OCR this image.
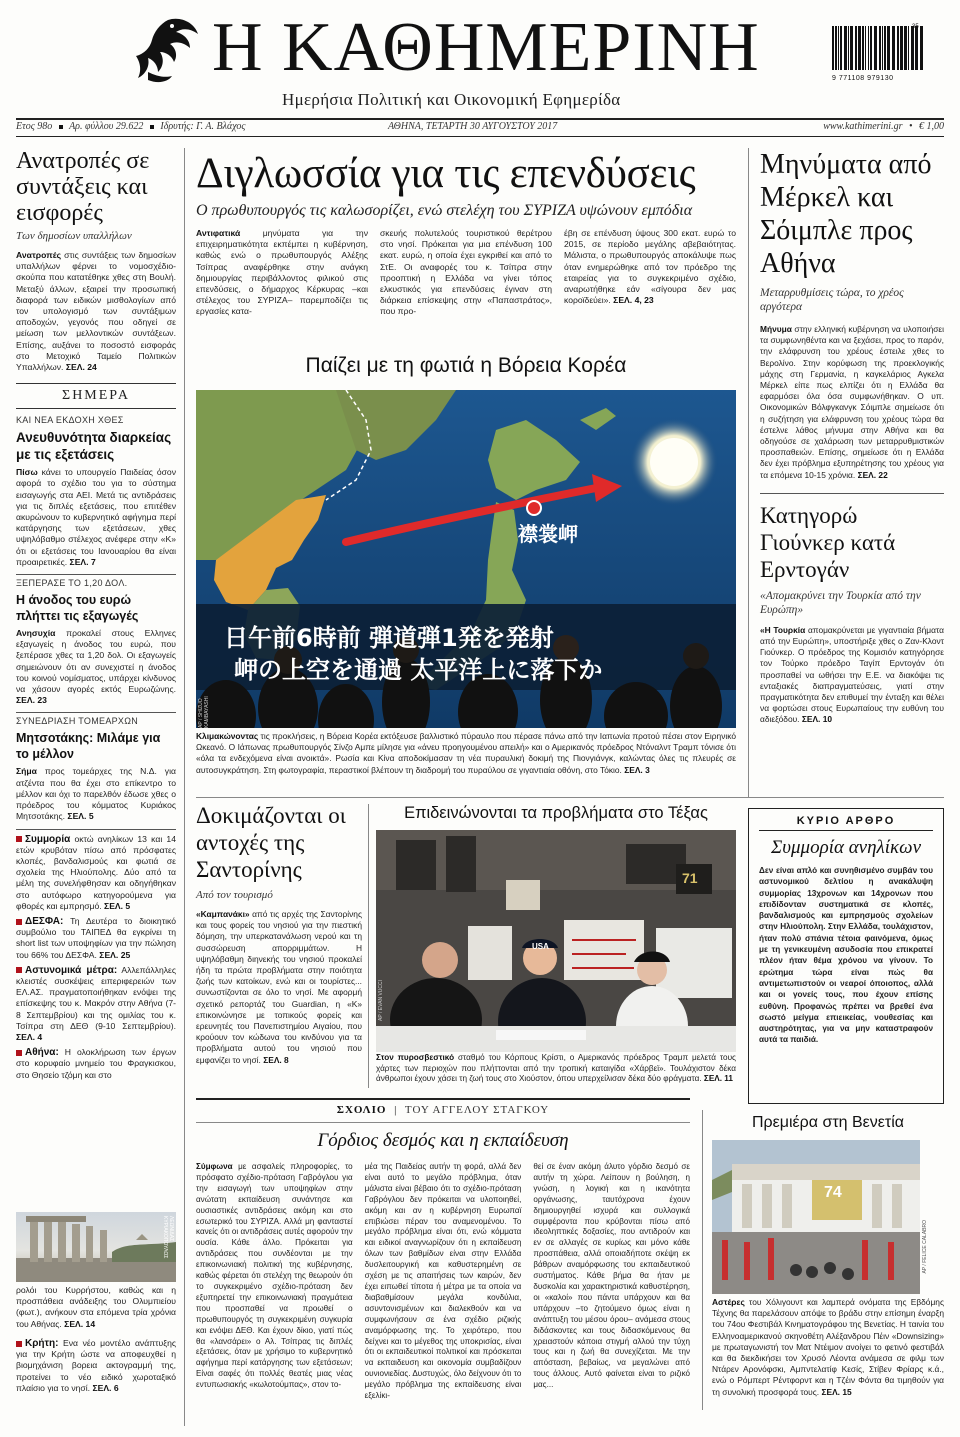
Η ΚΑΘΗΜΕΡΙΝΗ
Ημερήσια Πολιτική και Οικονομική Εφημερίδα
9 771108 979130
35
Ετος 98ο Αρ. φύλλου 29.622 Ιδρυτής: Γ. Α. Βλάχος	ΑΘΗΝΑ, ΤΕΤΑΡΤΗ 30 ΑΥΓΟΥΣΤΟΥ 2017	www.kathimerini.gr • € 1,00
Ανατροπές σε συντάξεις και εισφορές
Των δημοσίων υπαλλήλων
Ανατροπές στις συντάξεις των δημοσίων υπαλλήλων φέρνει το νομοσχέδιο-σκούπα που κατατέθηκε χθες στη Βουλή. Μεταξύ άλλων, εξαιρεί την προσωπική διαφορά των ειδικών μισθολογίων από τον υπολογισμό των συντάξιμων αποδοχών, γεγονός που οδηγεί σε μείωση των μελλοντικών συντάξεων. Επίσης, αυξάνει το ποσοστό εισφοράς στο Μετοχικό Ταμείο Πολιτικών Υπαλλήλων. ΣΕΛ. 24
ΣΗΜΕΡΑ
ΚΑΙ ΝΕΑ ΕΚΔΟΧΗ ΧΘΕΣ
Ανευθυνότητα διαρκείας με τις εξετάσεις
Πίσω κάνει το υπουργείο Παιδείας όσον αφορά το σχέδιο του για το σύστημα εισαγωγής στα ΑΕΙ. Μετά τις αντιδράσεις για τις διπλές εξετάσεις, που επιτέθεν ακυρώνουν το κυβερνητικό αφήγημα περί κατάργησης των εξετάσεων, χθες υψηλόβαθμο στέλεχος ανέφερε στην «Κ» ότι οι εξετάσεις του Ιανουαρίου θα είναι προαιρετικές. ΣΕΛ. 7
ΞΕΠΕΡΑΣΕ ΤΟ 1,20 ΔΟΛ.
Η άνοδος του ευρώ πλήττει τις εξαγωγές
Ανησυχία προκαλεί στους Ελληνες εξαγωγείς η άνοδος του ευρώ, που ξεπέρασε χθες τα 1,20 δολ. Οι εξαγωγείς σημειώνουν ότι αν συνεχιστεί η άνοδος του κοινού νομίσματος, υπάρχει κίνδυνος να χάσουν αγορές εκτός Ευρωζώνης. ΣΕΛ. 23
ΣΥΝΕΔΡΙΑΣΗ ΤΟΜΕΑΡΧΩΝ
Μητσοτάκης: Μιλάμε για το μέλλον
Σήμα προς τομεάρχες της Ν.Δ. για ατζέντα που θα έχει στο επίκεντρο το μέλλον και όχι το παρελθόν έδωσε χθες ο πρόεδρος του κόμματος Κυριάκος Μητσοτάκης. ΣΕΛ. 5
Συμμορία οκτώ ανηλίκων 13 και 14 ετών κρυβόταν πίσω από πρόσφατες κλοπές, βανδαλισμούς και φωτιά σε σχολεία της Ηλιούπολης. Δύο από τα μέλη της συνελήφθησαν και οδηγήθηκαν στο αυτόφωρο κατηγορούμενα για φθορές και εμπρησμό. ΣΕΛ. 5
ΔΕΣΦΑ: Τη Δευτέρα το διοικητικό συμβούλιο του ΤΑΙΠΕΔ θα εγκρίνει τη short list των υποψηφίων για την πώληση του 66% του ΔΕΣΦΑ. ΣΕΛ. 25
Αστυνομικά μέτρα: Αλλεπάλληλες κλειστές συσκέψεις ειπεριφερειών των ΕΛ.ΑΣ. πραγματοποιήθηκαν ενόψει της επίσκεψης του κ. Μακρόν στην Αθήνα (7-8 Σεπτεμβρίου) και της ομιλίας του κ. Τσίπρα στη ΔΕΘ (9-10 Σεπτεμβρίου). ΣΕΛ. 4
Αθήνα: Η ολοκλήρωση των έργων στο κορυφαίο μνημείο του Φραγκισκου, στο Θησείο τζόμη και στο
ΛΕΩΝΙΔΑΣ ΚΥΡΙΑΚΟΠΟΥΛΟΣ
ρολόι του Κυρρήστου, καθώς και η προσπάθεια ανάδειξης του Ολυμπιείου (φωτ.), ανήκουν στα επόμενα τρία χρόνια του Αθήνας. ΣΕΛ. 14
Κρήτη: Ενα νέο μοντέλο ανάπτυξης για την Κρήτη ώστε να αποφευχθεί η βιομηχάνιση βορεια ακτογραμμή της, προτείνει το νέο ειδικό χωροταξικό πλαίσιο για το νησί. ΣΕΛ. 6
Διγλωσσία για τις επενδύσεις
Ο πρωθυπουργός τις καλωσορίζει, ενώ στελέχη του ΣΥΡΙΖΑ υψώνουν εμπόδια
Αντιφατικά μηνύματα για την επιχειρηματικότητα εκπέμπει η κυβέρνηση, καθώς ενώ ο πρωθυπουργός Αλέξης Τσίπρας αναφέρθηκε στην ανάγκη δημιουργίας περιβάλλοντος φιλικού στις επενδύσεις, ο δήμαρχος Κέρκυρας –και στέλεχος του ΣΥΡΙΖΑ– παρεμποδίζει τις εργασίες κατα-
σκευής πολυτελούς τουριστικού θερέτρου στο νησί. Πρόκειται για μια επένδυση 100 εκατ. ευρώ, η οποία έχει εγκριθεί και από το ΣτΕ. Οι αναφορές του κ. Τσίπρα στην προοπτική η Ελλάδα να γίνει τόπος ελκυστικός για επενδύσεις έγιναν στη διάρκεια επίσκεψης στην «Παπαστράτος», που προ-
έβη σε επένδυση ύψους 300 εκατ. ευρώ το 2015, σε περίοδο μεγάλης αβεβαιότητας. Μάλιστα, ο πρωθυπουργός αποκάλυψε πως όταν ενημερώθηκε από τον πρόεδρο της εταιρείας για το συγκεκριμένο σχέδιο, αναρωτήθηκε εάν «σίγουρα δεν μας κοροϊδεύει». ΣΕΛ. 4, 23
Παίζει με τη φωτιά η Βόρεια Κορέα
襟裳岬
日午前6時前 弾道弾1発を発射
岬の上空を通過 太平洋上に落下か
ΑΡ / SHIZUO KAMBAYASHI
Κλιμακώνοντας τις προκλήσεις, η Βόρεια Κορέα εκτόξευσε βαλλιστικό πύραυλο που πέρασε πάνω από την Ιαπωνία προτού πέσει στον Ειρηνικό Ωκεανό. Ο Ιάπωνας πρωθυπουργός Σίνζο Αμπε μίλησε για «άνευ προηγουμένου απειλή» και ο Αμερικανός πρόεδρος Ντόναλντ Τραμπ τόνισε ότι «όλα τα ενδεχόμενα είναι ανοικτά». Ρωσία και Κίνα αποδοκίμασαν τη νέα πυραυλική δοκιμή της Πιονγιάνγκ, καλώντας όλες τις πλευρές σε αυτοσυγκράτηση. Στη φωτογραφία, περαστικοί βλέπουν τη διαδρομή του πυραύλου σε γιγαντιαία οθόνη, στο Τόκιο. ΣΕΛ. 3
Μηνύματα από Μέρκελ και Σόιμπλε προς Αθήνα
Μεταρρυθμίσεις τώρα, το χρέος αργότερα
Μήνυμα στην ελληνική κυβέρνηση να υλοποιήσει τα συμφωνηθέντα και να ξεχάσει, προς το παρόν, την ελάφρυνση του χρέους έστειλε χθες το Βερολίνο. Στην κορύφωση της προεκλογικής μάχης στη Γερμανία, η καγκελάριος Αγκελα Μέρκελ είπε πως ελπίζει ότι η Ελλάδα θα εφαρμόσει όλα όσα συμφωνήθηκαν. Ο υπ. Οικονομικών Βόλφγκανγκ Σόιμπλε σημείωσε ότι η συζήτηση για ελάφρυνση του χρέους τώρα θα έστελνε λάθος μήνυμα στην Αθήνα και θα οδηγούσε σε χαλάρωση των μεταρρυθμιστικών προσπαθειών. Επίσης, σημείωσε ότι η Ελλάδα δεν έχει πρόβλημα εξυπηρέτησης του χρέους για τα επόμενα 10-15 χρόνια. ΣΕΛ. 22
Κατηγορώ Γιούνκερ κατά Ερντογάν
«Απομακρύνει την Τουρκία από την Ευρώπη»
«Η Τουρκία απομακρύνεται με γιγαντιαία βήματα από την Ευρώπη», υποστήριξε χθες ο Ζαν-Κλοντ Γιούνκερ. Ο πρόεδρος της Κομισιόν κατηγόρησε τον Τούρκο πρόεδρο Ταγίπ Ερντογάν ότι προσπαθεί να ωθήσει την Ε.Ε. να διακόψει τις ενταξιακές διαπραγματεύσεις, γιατί στην πραγματικότητα δεν επιθυμεί την ένταξη και θέλει να φορτώσει στους Ευρωπαίους την ευθύνη του αδιεξόδου. ΣΕΛ. 10
Δοκιμάζονται οι αντοχές της Σαντορίνης
Από τον τουρισμό
«Καμπανάκι» από τις αρχές της Σαντορίνης και τους φορείς του νησιού για την πιεστική δόμηση, την υπερκατανάλωση νερού και τη συσσώρευση απορριμμάτων. Η υψηλόβαθμη διηνεκής του νησιού προκαλεί ήδη τα πρώτα προβλήματα στην ποιότητα ζωής των κατοίκων, ενώ και οι τουρίστες... συνωστίζονται σε όλο το νησί. Με αφορμή σχετικό ρεπορτάζ του Guardian, η «Κ» επικοινώνησε με τοπικούς φορείς και ερευνητές του Πανεπιστημίου Αιγαίου, που κρούουν τον κώδωνα του κινδύνου για τα προβλήματα αυτού του νησιού που εμφανίζει το νησί. ΣΕΛ. 8
Επιδεινώνονται τα προβλήματα στο Τέξας
USA
71
ΑΡ / EVAN VUCCI
Στον πυροσβεστικό σταθμό του Κόρπους Κρίστι, ο Αμερικανός πρόεδρος Τραμπ μελετά τους χάρτες των περιοχών που πλήττονται από την τροπική καταιγίδα «Χάρβεϊ». Τουλάχιστον δέκα άνθρωποι έχουν χάσει τη ζωή τους στο Χιούστον, όπου υπερχείλισαν δέκα δύο φράγματα. ΣΕΛ. 11
ΚΥΡΙΟ ΑΡΘΡΟ
Συμμορία ανηλίκων
Δεν είναι απλό και συνηθισμένο συμβάν του αστυνομικού δελτίου η ανακάλυψη συμμορίας 13χρονων και 14χρονων που επιδίδονταν συστηματικά σε κλοπές, βανδαλισμούς και εμπρησμούς σχολείων στην Ηλιούπολη. Στην Ελλάδα, τουλάχιστον, ήταν πολύ σπάνια τέτοια φαινόμενα, όμως με τη γενικευμένη ασυδοσία που επικρατεί πλέον ήταν θέμα χρόνου να γίνουν. Το ερώτημα τώρα είναι πώς θα αντιμετωπιστούν οι νεαροί όποιοπος, αλλά και οι γονείς τους, που έχουν επίσης ευθύνη. Προφανώς πρέπει να βρεθεί ένα σωστό μείγμα επιεικείας, νουθεσίας και αυστηρότητας, για να μην καταστραφούν αυτά τα παιδιά.
ΣΧΟΛΙΟ | ΤΟΥ ΑΓΓΕΛΟΥ ΣΤΑΓΚΟΥ
Γόρδιος δεσμός και η εκπαίδευση
Σύμφωνα με ασφαλείς πληροφορίες, το πρόσφατο σχέδιο-πρόταση Γαβρόγλου για την εισαγωγή των υποψηφίων στην ανώτατη εκπαίδευση συνάντησε και ουσιαστικές αντιδράσεις ακόμη και στο εσωτερικό του ΣΥΡΙΖΑ. Αλλά μη φανταστεί κανείς ότι οι αντιδράσεις αυτές αφορούν την ουσία. Κάθε άλλο. Πρόκειται για αντιδράσεις που συνδέονται με την επικοινωνιακή πολιτική της κυβέρνησης, καθώς φέρεται ότι στελέχη της θεωρούν ότι το συγκεκριμένο σχέδιο-πρόταση δεν εξυπηρετεί την επικοινωνιακή πραγμάτεια που προσπαθεί να προωθεί ο πρωθυπουργός τη συγκεκριμένη συγκυρία και ενόψει ΔΕΘ. Και έχουν δίκιο, γιατί πώς θα «λανσάρει» ο Αλ. Τσίπρας τις διπλές εξετάσεις, όταν με χρήσιμο το κυβερνητικό αφήγημα περί κατάργησης των εξετάσεων; Είναι σαφές ότι πολλές θεατές μιας νέας εντυπωσιακής «κωλοτούμπας», στον το-
μέα της Παιδείας αυτήν τη φορά, αλλά δεν είναι αυτό το μεγάλο πρόβλημα, όταν μάλιστα είναι βέβαιο ότι το σχέδιο-πρόταση Γαβρόγλου δεν πρόκειται να υλοποιηθεί, ακόμη και αν η κυβέρνηση Ευρωπαϊ επιβιώσει πέραν του αναμενομένου. Το μεγάλο πρόβλημα είναι ότι, ενώ κόμματα και ειδικοί αναγνωρίζουν ότι η εκπαίδευση όλων των βαθμίδων είναι στην Ελλάδα δυσλειτουργική και καθυστερημένη σε σχέση με τις απαιτήσεις των καιρών, δεν έχει ειπωθεί τίποτα ή μέτρα με τα οποία να διαβαθμίσουν μεγάλα κονδύλια, ασυντονισμένων και διαλεκθούν και να συμφωνήσουν σε ένα σχέδιο ριζικής αναμόρφωσης της. Το χειρότερο, που δείχνει και το μέγεθος της υποκρισίας, είναι ότι οι εκπαιδευτικοί πολιτικοί και πρόσκειται να εκπαιδευση και οικονομία συμβαδίζουν ουνιονιεδίας. Δυστυχώς, όλο δείχνουν ότι το μεγάλο πρόβλημα της εκπαίδευσης είναι εξελίκι-
θεί σε έναν ακόμη άλυτο γόρδιο δεσμό σε αυτήν τη χώρα. Λείπουν η βούληση, η γνώση, η λογική και η ικανότητα οργάνωσης, ταυτόχρονα έχουν δημιουργηθεί ισχυρά και συλλογικά συμφέροντα που κρύβονται πίσω από ιδεοληπτικές δοξασίες, που αντιδρούν και εν σε αλλαγές σε κυρίως και μόνο κάθε προσπάθεια, αλλά οποιαδήποτε σκέψη εκ βάθρων αναμόρφωσης του εκπαιδευτικού συστήματος. Κάθε βήμα θα ήταν με δυσκολία και χαρακτηριστικά καθυστέρηση, οι «καλοί» που πάντα υπάρχουν και θα υπάρχουν –το ζητούμενο όμως είναι η ανάπτυξη του μέσου όρου– ανάμεσα στους διδάσκοντες και τους διδασκόμενους θα χρειαστούν κάποια στιγμή αλλού την τύχη τους και η ζωή θα συνεχίζεται. Με την απόσταση, βεβαίως, να μεγαλώνει από τους άλλους. Αυτό φαίνεται είναι το ριζικό μας...
Πρεμιέρα στη Βενετία
74
ΑΡ / FELICE CALABRO
Αστέρες του Χόλιγουντ και λαμπερά ονόματα της Εβδόμης Τέχνης θα παρελάσουν απόψε το βράδυ στην επίσημη έναρξη του 74ου Φεστιβάλ Κινηματογράφου της Βενετίας. Η ταινία του Ελληνοαμερικανού σκηνοθέτη Αλέξανδρου Πέιν «Downsizing» με πρωταγωνιστή τον Ματ Ντέιμον ανοίγει το φετινό φεστιβάλ και θα διεκδικήσει τον Χρυσό Λέοντα ανάμεσα σε φιλμ των Ντάρεν Αρονόφσκι, Αμπντελατίφ Κεσίς, Στίβεν Φρίαρς κ.ά., ενώ ο Ρόμπερτ Ρέντφορντ και η Τζέιν Φόντα θα τιμηθούν για τη συνολική προσφορά τους. ΣΕΛ. 15
